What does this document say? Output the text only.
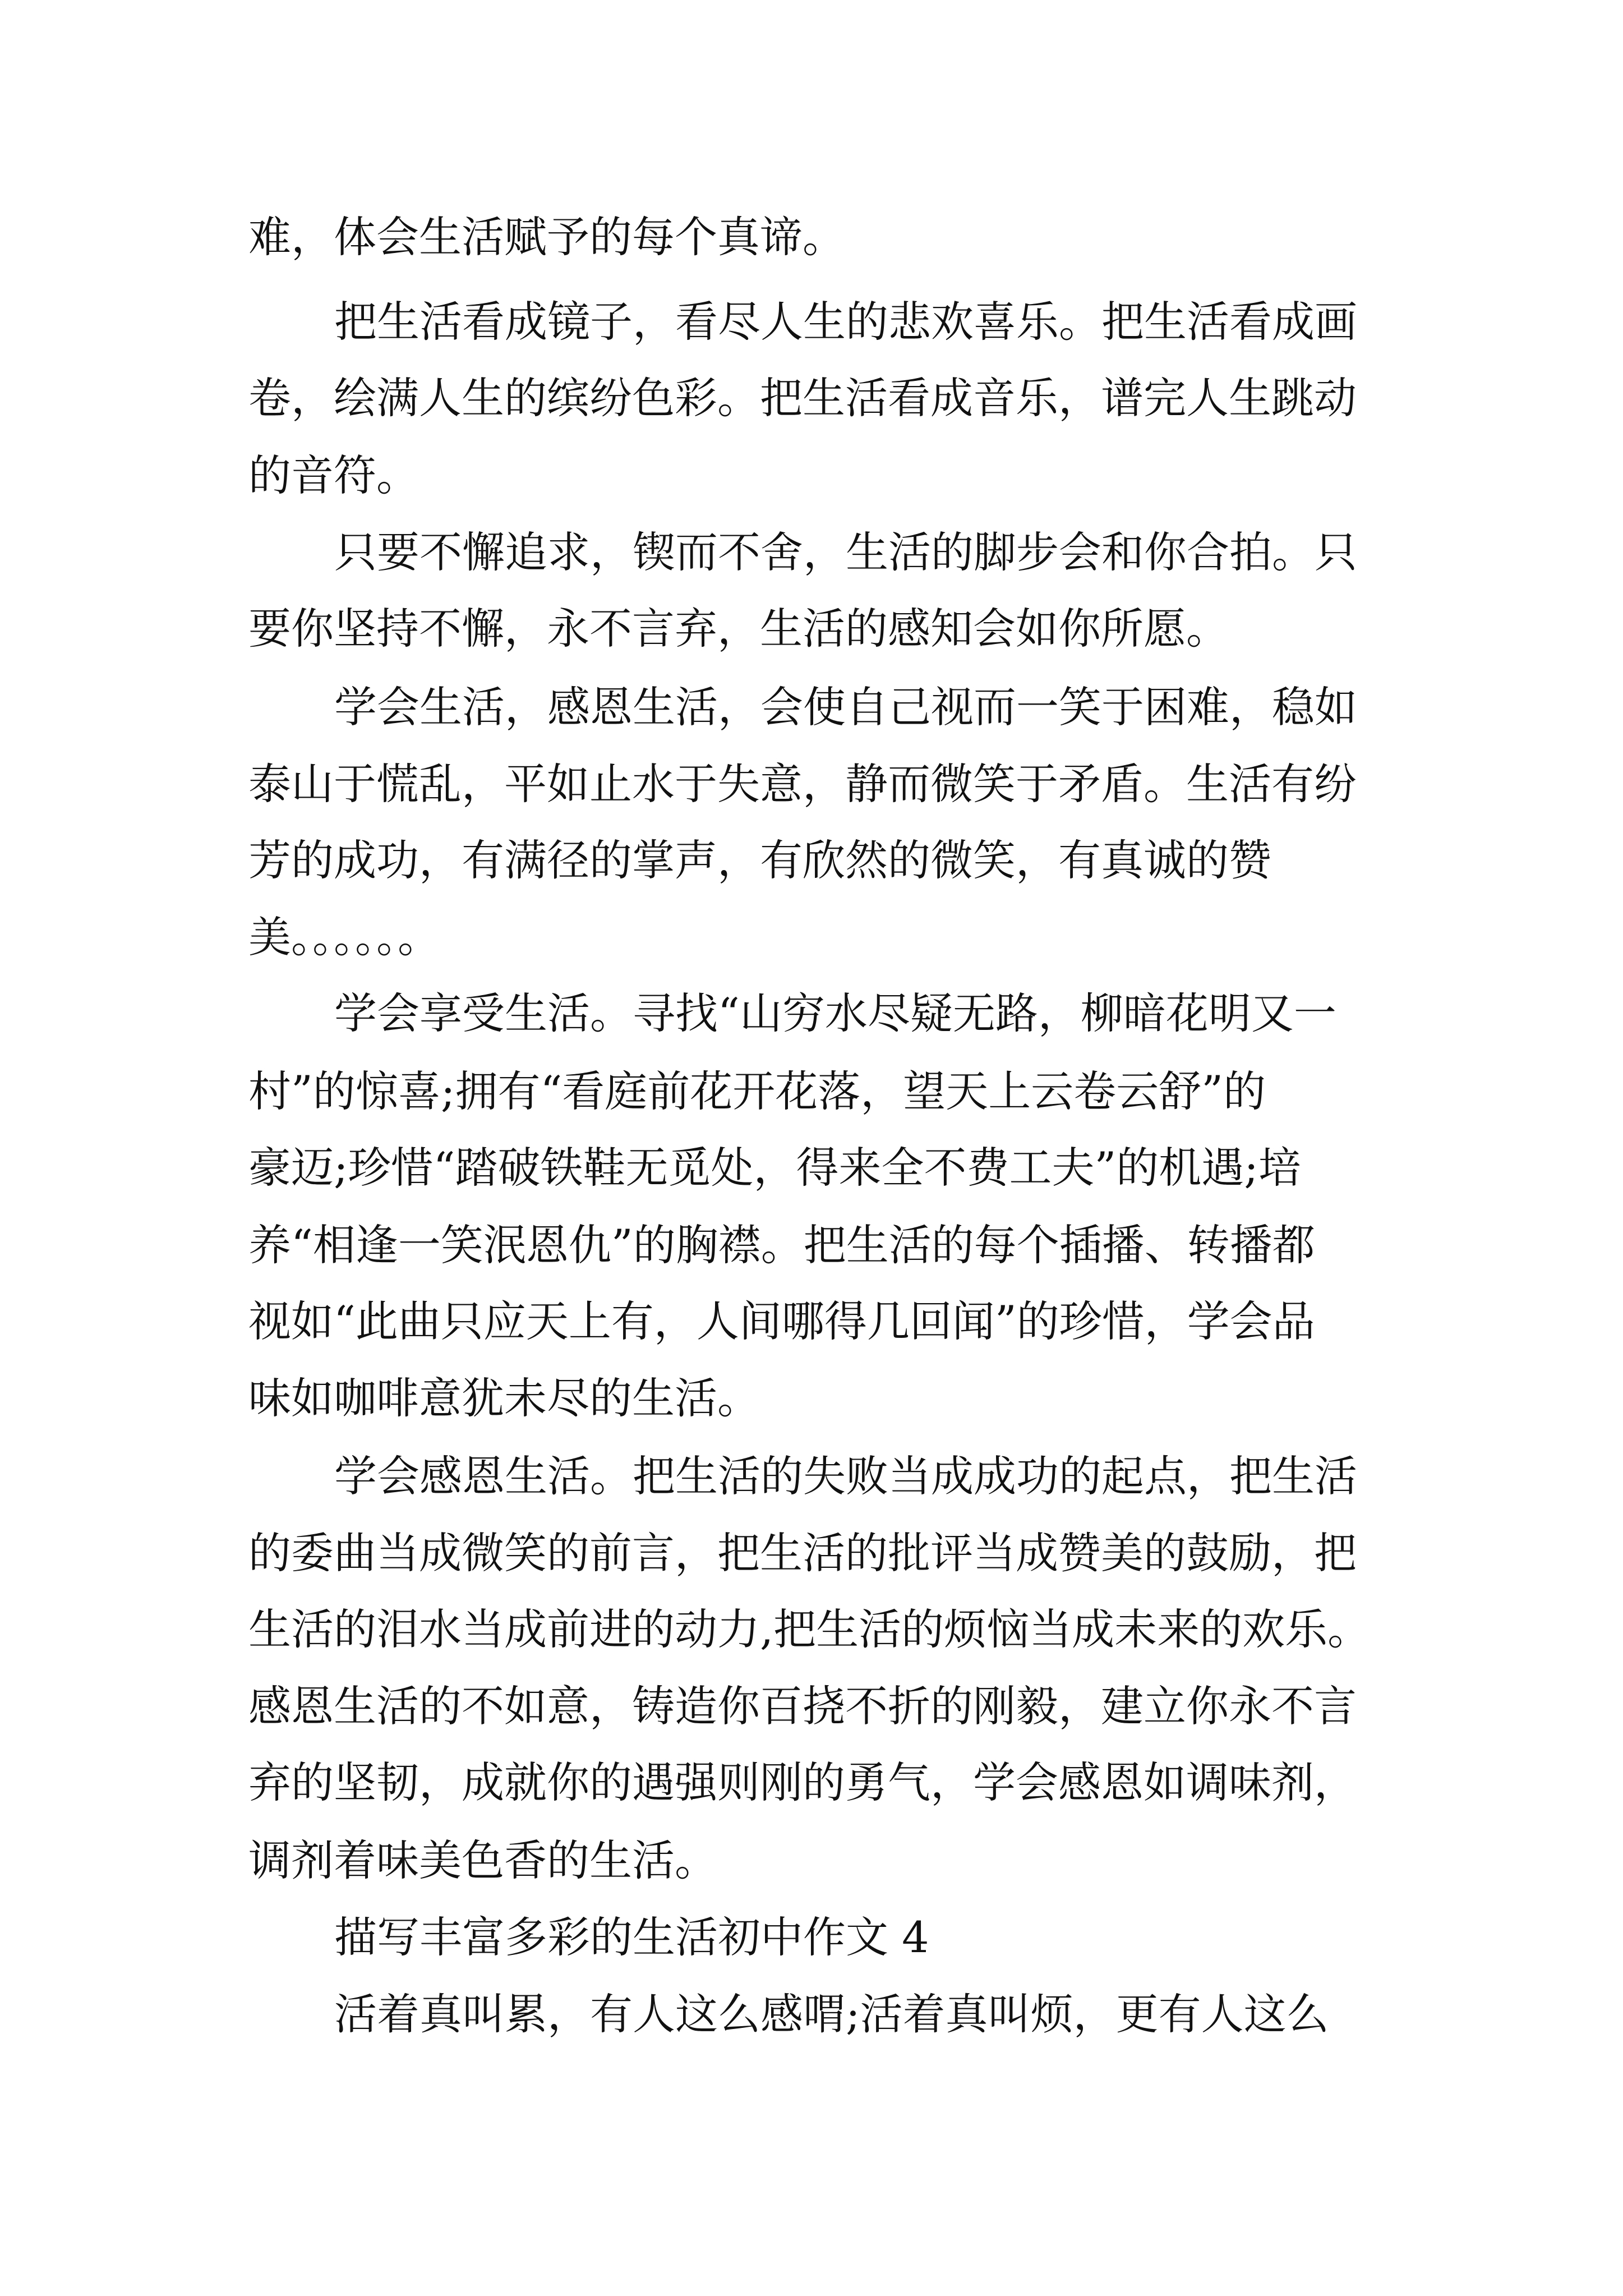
难，体会生活赋予的每个真谛。

把生活看成镜子，看尽人生的悲欢喜乐。把生活看成画

卷，绘满人生的缤纷色彩。把生活看成音乐，谱完人生跳动

的音符。

只要不懈追求，锲而不舍，生活的脚步会和你合拍。只

要你坚持不懈，永不言弃，生活的感知会如你所愿。

学会生活，感恩生活，会使自己视而一笑于困难，稳如

泰山于慌乱，平如止水于失意，静而微笑于矛盾。生活有纷

芳的成功，有满径的掌声，有欣然的微笑，有真诚的赞

美。。。。。。

学会享受生活。寻找“山穷水尽疑无路，柳暗花明又一

村”的惊喜;拥有“看庭前花开花落，望天上云卷云舒”的

豪迈;珍惜“踏破铁鞋无觅处，得来全不费工夫”的机遇;培

养“相逢一笑泯恩仇”的胸襟。把生活的每个插播、转播都

视如“此曲只应天上有，人间哪得几回闻”的珍惜，学会品

味如咖啡意犹未尽的生活。

学会感恩生活。把生活的失败当成成功的起点，把生活

的委曲当成微笑的前言，把生活的批评当成赞美的鼓励，把

生活的泪水当成前进的动力,把生活的烦恼当成未来的欢乐。

感恩生活的不如意，铸造你百挠不折的刚毅，建立你永不言

弃的坚韧，成就你的遇强则刚的勇气，学会感恩如调味剂，

调剂着味美色香的生活。

描写丰富多彩的生活初中作文 4

活着真叫累，有人这么感喟;活着真叫烦，更有人这么
